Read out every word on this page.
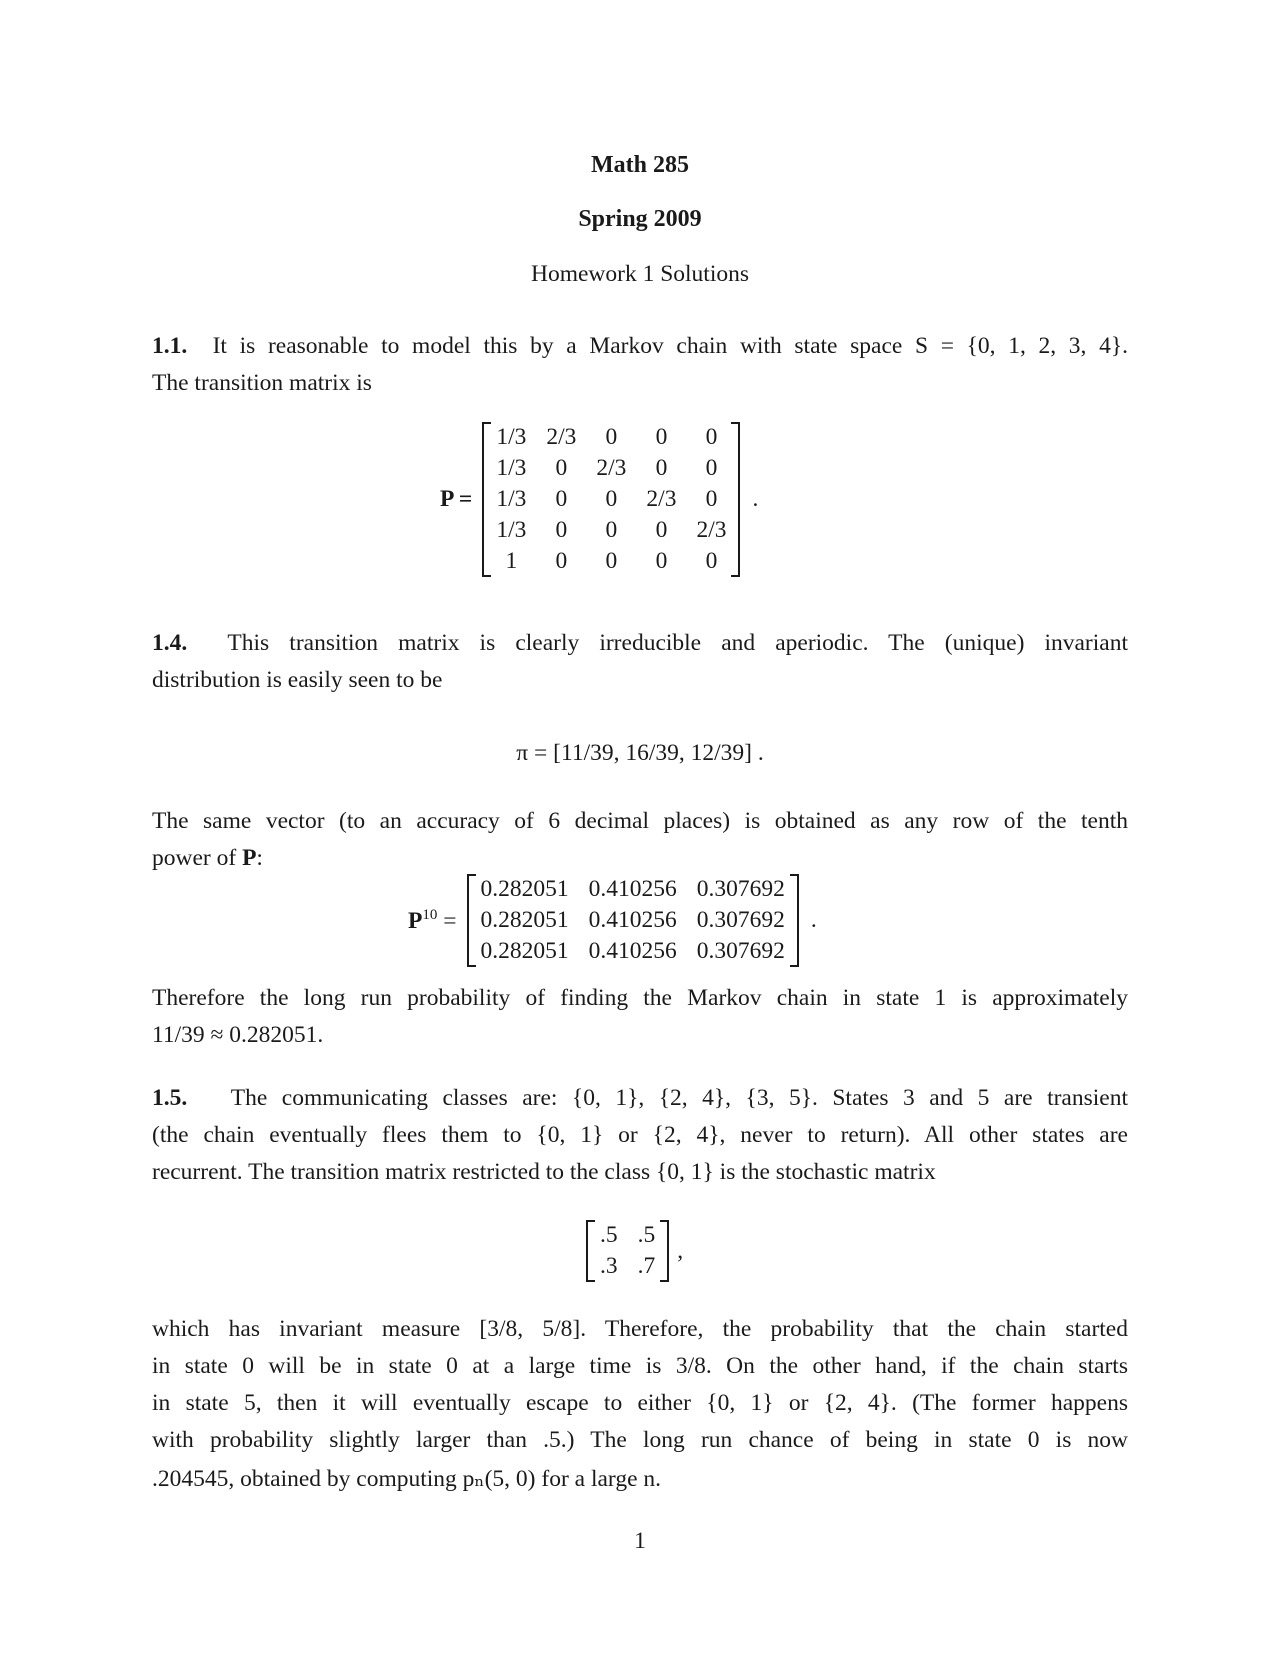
Math 285
Spring 2009
Homework 1 Solutions
1.1. It is reasonable to model this by a Markov chain with state space S = {0, 1, 2, 3, 4}.
The transition matrix is
P =
1/3	2/3	0	0	0
1/3	0	2/3	0	0
1/3	0	0	2/3	0
1/3	0	0	0	2/3
1	0	0	0	0
.
1.4. This transition matrix is clearly irreducible and aperiodic. The (unique) invariant
distribution is easily seen to be
π = [11/39, 16/39, 12/39] .
The same vector (to an accuracy of 6 decimal places) is obtained as any row of the tenth
power of P:
$P^{10}$ =
0.282051	0.410256	0.307692
0.282051	0.410256	0.307692
0.282051	0.410256	0.307692
.
Therefore the long run probability of finding the Markov chain in state 1 is approximately
11/39 ≈ 0.282051.
1.5. The communicating classes are: {0, 1}, {2, 4}, {3, 5}. States 3 and 5 are transient
(the chain eventually flees them to {0, 1} or {2, 4}, never to return). All other states are
recurrent. The transition matrix restricted to the class {0, 1} is the stochastic matrix
.5	.5
.3	.7
,
which has invariant measure [3/8, 5/8]. Therefore, the probability that the chain started
in state 0 will be in state 0 at a large time is 3/8. On the other hand, if the chain starts
in state 5, then it will eventually escape to either {0, 1} or {2, 4}. (The former happens
with probability slightly larger than .5.) The long run chance of being in state 0 is now
.204545, obtained by computing pₙ(5, 0) for a large n.
1
